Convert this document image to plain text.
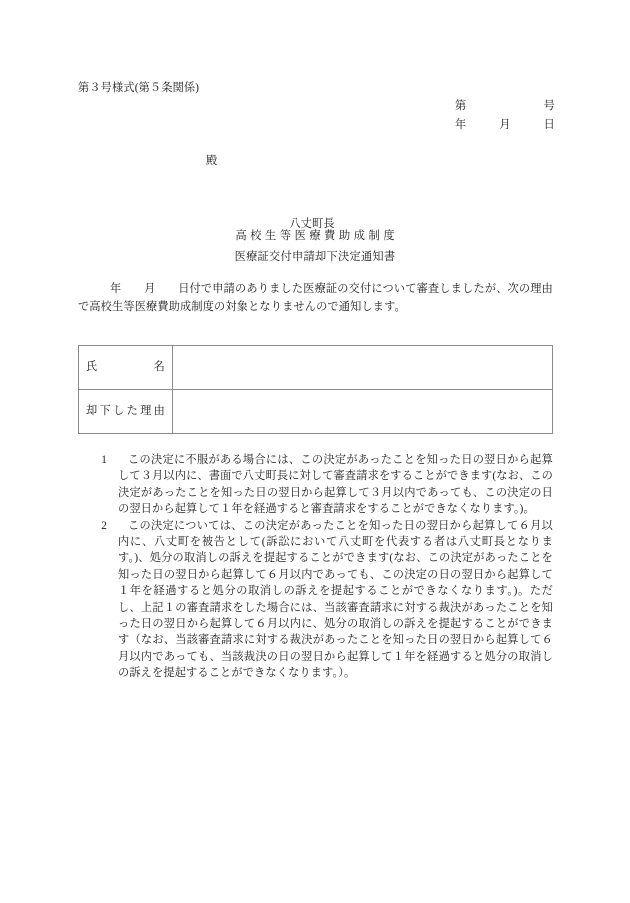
第３号様式(第５条関係)
第	号
年	月	日
殿
八丈町長
高校生等医療費助成制度
医療証交付申請却下決定通知書
年　　月　　日付で申請のありました医療証の交付について審査しましたが、次の理由で高校生等医療費助成制度の対象となりませんので通知します。
氏 名	

却 下 し た 理 由

1	この決定に不服がある場合には、この決定があったことを知った日の翌日から起算して３月以内に、書面で八丈町長に対して審査請求をすることができます(なお、この決定があったことを知った日の翌日から起算して３月以内であっても、この決定の日の翌日から起算して１年を経過すると審査請求をすることができなくなります。)。
2	この決定については、この決定があったことを知った日の翌日から起算して６月以内に、八丈町を被告として(訴訟において八丈町を代表する者は八丈町長となります。)、処分の取消しの訴えを提起することができます(なお、この決定があったことを知った日の翌日から起算して６月以内であっても、この決定の日の翌日から起算して１年を経過すると処分の取消しの訴えを提起することができなくなります。)。ただし、上記１の審査請求をした場合には、当該審査請求に対する裁決があったことを知った日の翌日から起算して６月以内に、処分の取消しの訴えを提起することができます（なお、当該審査請求に対する裁決があったことを知った日の翌日から起算して６月以内であっても、当該裁決の日の翌日から起算して１年を経過すると処分の取消しの訴えを提起することができなくなります。）。
